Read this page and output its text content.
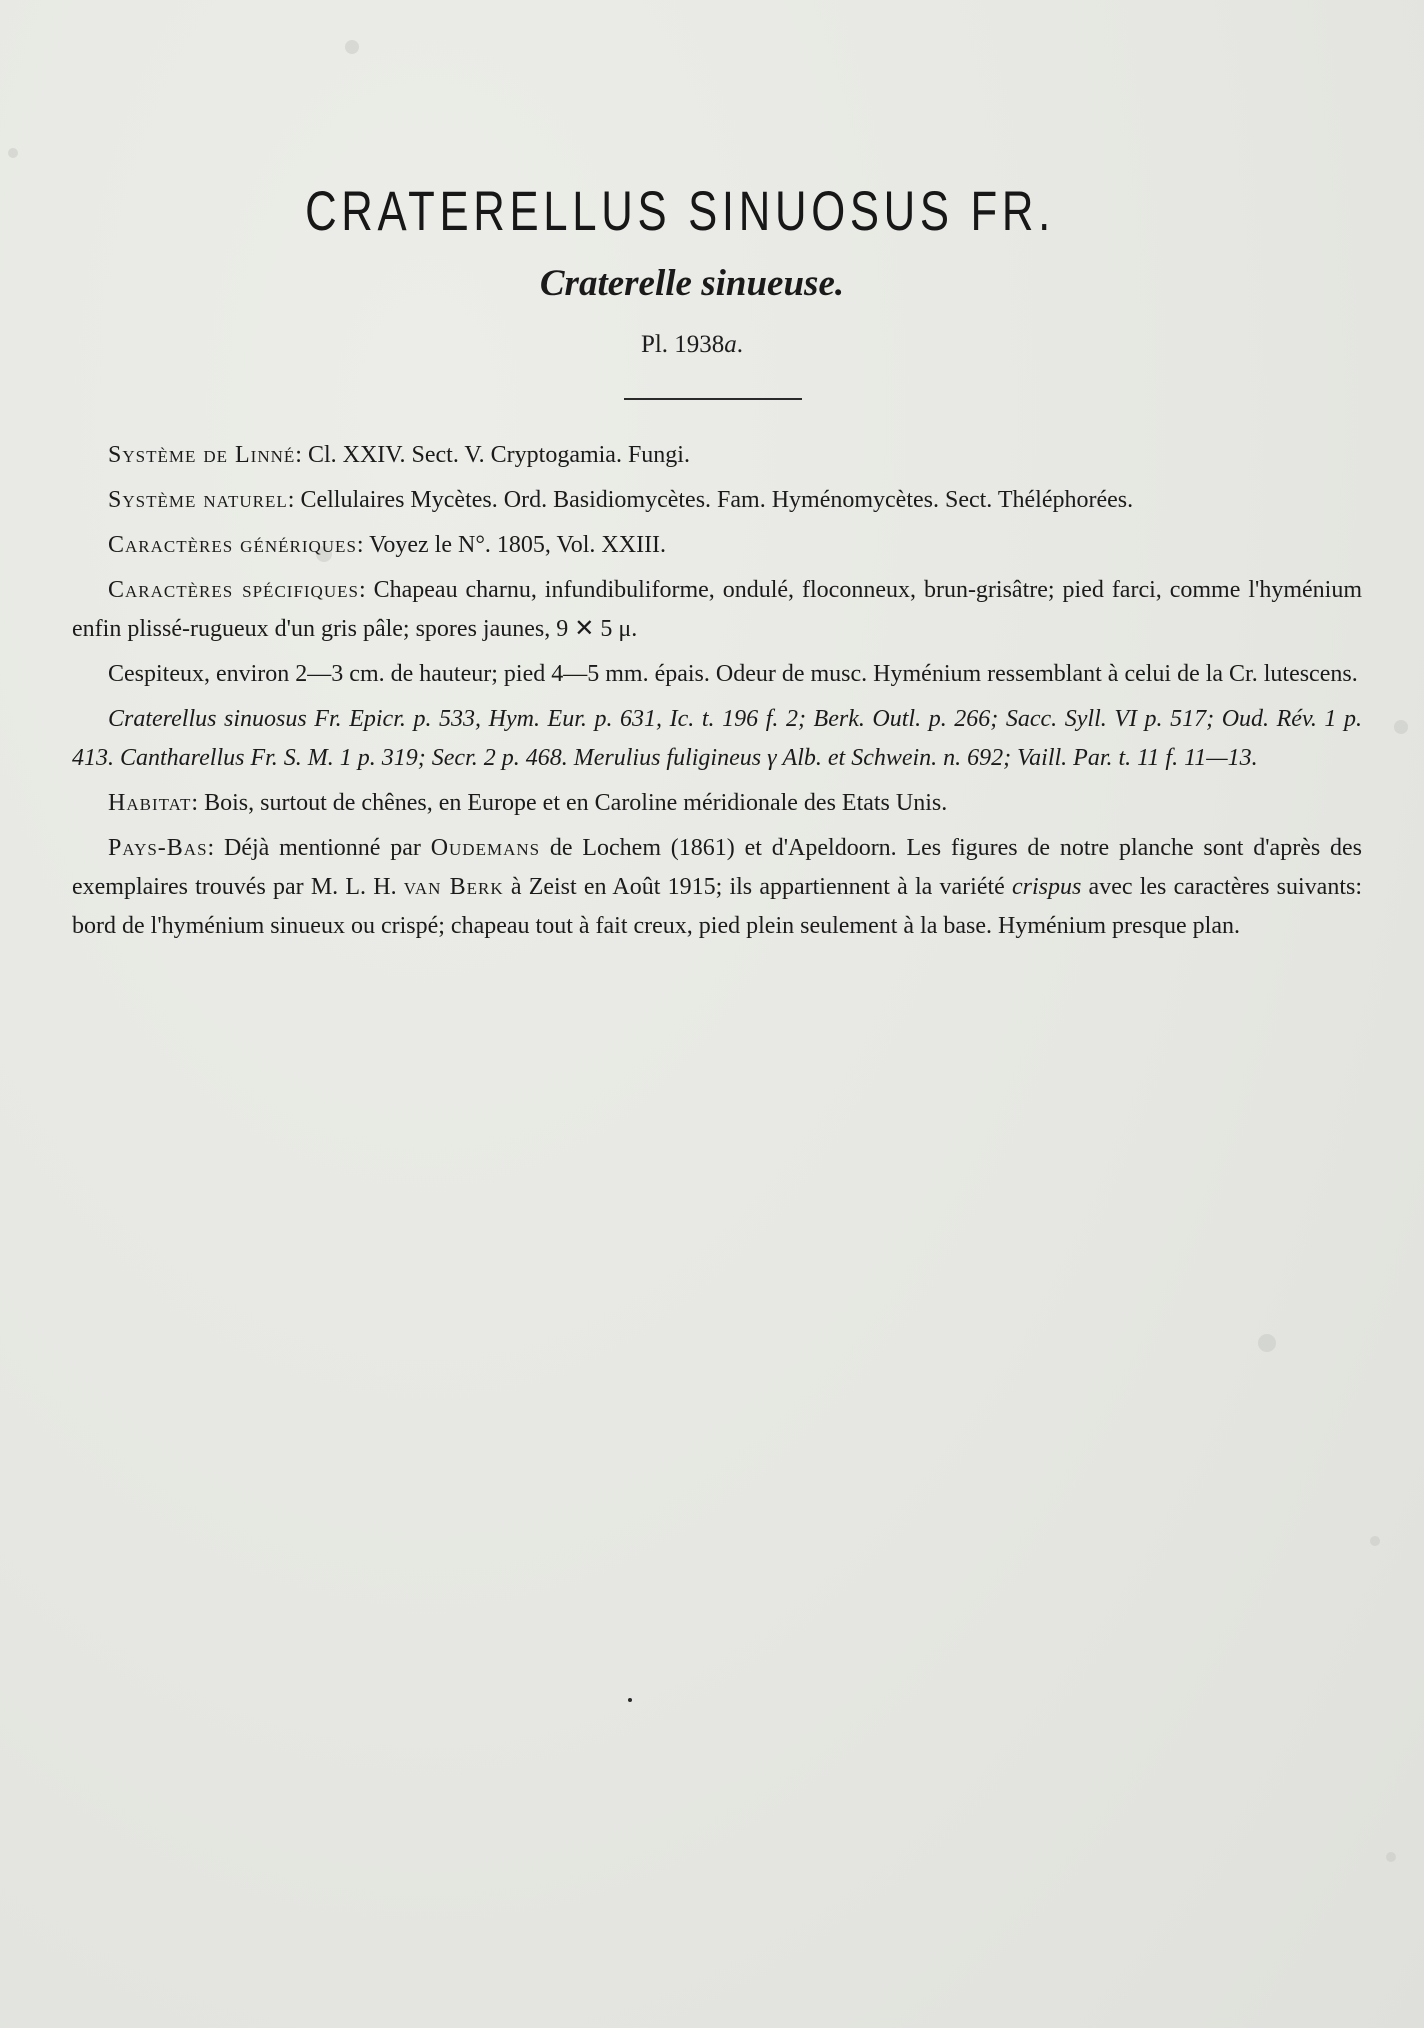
CRATERELLUS SINUOSUS FR.
Craterelle sinueuse.
Pl. 1938a.

Système de Linné: Cl. XXIV. Sect. V. Cryptogamia. Fungi.

Système naturel: Cellulaires Mycètes. Ord. Basidiomycètes. Fam. Hyménomycètes. Sect. Théléphorées.

Caractères génériques: Voyez le N°. 1805, Vol. XXIII.

Caractères spécifiques: Chapeau charnu, infundibuliforme, ondulé, floconneux, brun-grisâtre; pied farci, comme l'hyménium enfin plissé-rugueux d'un gris pâle; spores jaunes, 9 ✕ 5 μ.

Cespiteux, environ 2—3 cm. de hauteur; pied 4—5 mm. épais. Odeur de musc. Hyménium ressemblant à celui de la Cr. lutescens.

Craterellus sinuosus Fr. Epicr. p. 533, Hym. Eur. p. 631, Ic. t. 196 f. 2; Berk. Outl. p. 266; Sacc. Syll. VI p. 517; Oud. Rév. 1 p. 413. Cantharellus Fr. S. M. 1 p. 319; Secr. 2 p. 468. Merulius fuligineus γ Alb. et Schwein. n. 692; Vaill. Par. t. 11 f. 11—13.

Habitat: Bois, surtout de chênes, en Europe et en Caroline méridionale des Etats Unis.

Pays-Bas: Déjà mentionné par Oudemans de Lochem (1861) et d'Apeldoorn. Les figures de notre planche sont d'après des exemplaires trouvés par M. L. H. van Berk à Zeist en Août 1915; ils appartiennent à la variété crispus avec les caractères suivants: bord de l'hyménium sinueux ou crispé; chapeau tout à fait creux, pied plein seulement à la base. Hyménium presque plan.
